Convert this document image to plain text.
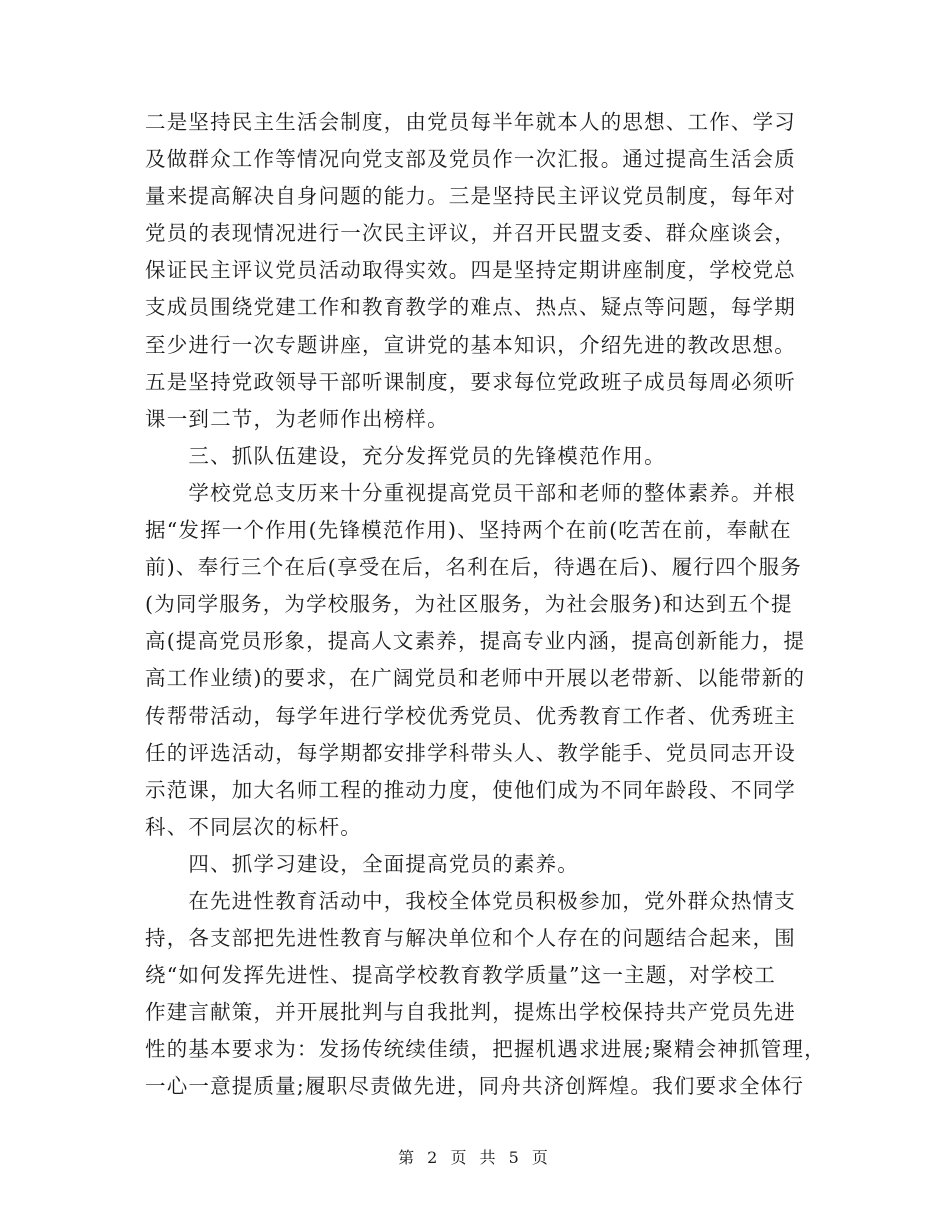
二是坚持民主生活会制度，由党员每半年就本人的思想、工作、学习
及做群众工作等情况向党支部及党员作一次汇报。通过提高生活会质
量来提高解决自身问题的能力。三是坚持民主评议党员制度，每年对
党员的表现情况进行一次民主评议，并召开民盟支委、群众座谈会，
保证民主评议党员活动取得实效。四是坚持定期讲座制度，学校党总
支成员围绕党建工作和教育教学的难点、热点、疑点等问题，每学期
至少进行一次专题讲座，宣讲党的基本知识，介绍先进的教改思想。
五是坚持党政领导干部听课制度，要求每位党政班子成员每周必须听
课一到二节，为老师作出榜样。
　　三、抓队伍建设，充分发挥党员的先锋模范作用。
　　学校党总支历来十分重视提高党员干部和老师的整体素养。并根
据“发挥一个作用(先锋模范作用)、坚持两个在前(吃苦在前，奉献在
前)、奉行三个在后(享受在后，名利在后，待遇在后)、履行四个服务
(为同学服务，为学校服务，为社区服务，为社会服务)和达到五个提
高(提高党员形象，提高人文素养，提高专业内涵，提高创新能力，提
高工作业绩)的要求，在广阔党员和老师中开展以老带新、以能带新的
传帮带活动，每学年进行学校优秀党员、优秀教育工作者、优秀班主
任的评选活动，每学期都安排学科带头人、教学能手、党员同志开设
示范课，加大名师工程的推动力度，使他们成为不同年龄段、不同学
科、不同层次的标杆。
　　四、抓学习建设，全面提高党员的素养。
　　在先进性教育活动中，我校全体党员积极参加，党外群众热情支
持，各支部把先进性教育与解决单位和个人存在的问题结合起来，围
绕“如何发挥先进性、提高学校教育教学质量”这一主题，对学校工
作建言献策，并开展批判与自我批判，提炼出学校保持共产党员先进
性的基本要求为：发扬传统续佳绩，把握机遇求进展;聚精会神抓管理，
一心一意提质量;履职尽责做先进，同舟共济创辉煌。我们要求全体行
第 2 页 共 5 页
